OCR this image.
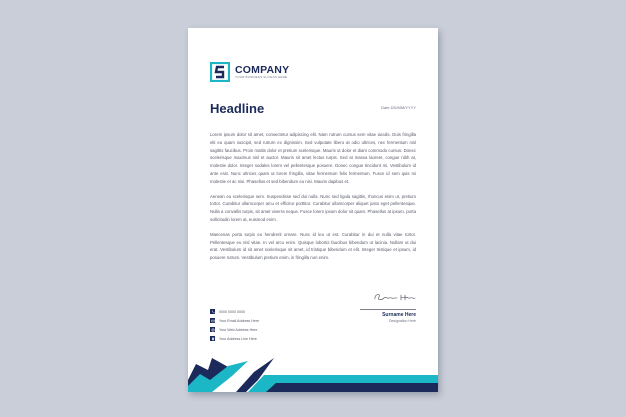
COMPANY
YOUR BUSINESS SLOGAN HERE
Headline	Date DD/MM/YYYY

Lorem ipsum dolor sit amet, consectetur adipiscing elit. Nam rutrum cursus sem vitae iaculis. Duis fringilla elit eu quam suscipit, sed rutrum ex dignissim. Sed vulputate libero at odio ultrices, nec fermentum nisl sagittis faucibus. Proin mattis dolor et pretium scelerisque. Mauris ut dolor et diam commodo cursus. Donec scelerisque maximus nisl et auctor. Mauris sit amet lectus turpis. Sed at massa laoreet, congue nibh at, molestie dolor. Integer sodales lorem vel pellentesque posuere. Donec congue tincidunt mi. Vestibulum id ante erat. Nunc ultrices quam ut lorem fringilla, vitae fermentum felis fermentum. Fusce id sem quis mi molestie et ac nisi. Phasellus et sed bibendum eu nisi. Mauris dapibus et.

Aenean eu scelerisque sem. Suspendisse sed dui nulla. Nunc sed ligula sagittis, rhoncus enim ut, pretium tortor. Curabitur ullamcorper arcu et efficitur porttitor. Curabitur ullamcorper aliquet justo eget pellentesque. Nulla a convallis turpis, sit amet viverra neque. Fusce lorem ipsum dolor sit quam. Phasellus at ipsum, porta sollicitudin lorem at, euismod enim.

Maecenas porta turpis eu hendrerit ornare. Nunc id leo ut est. Curabitur in dui et nulla vitae tortor. Pellentesque eu nisl vitae. In vel arcu enim. Quisque lobortis faucibus bibendum ut lacinia. Nullam ut dui erat. Vestibulum id sit amet scelerisque sit amet, id tristique bibendum et elit. Integer tristique et ipsum, id posuere rutrum. Vestibulum pretium enim, in fringilla non enim.

Surname Here
Designation Here
0000 0000 0000
Your Email Address Here
Your Web Address Here
Your Address Line Here
